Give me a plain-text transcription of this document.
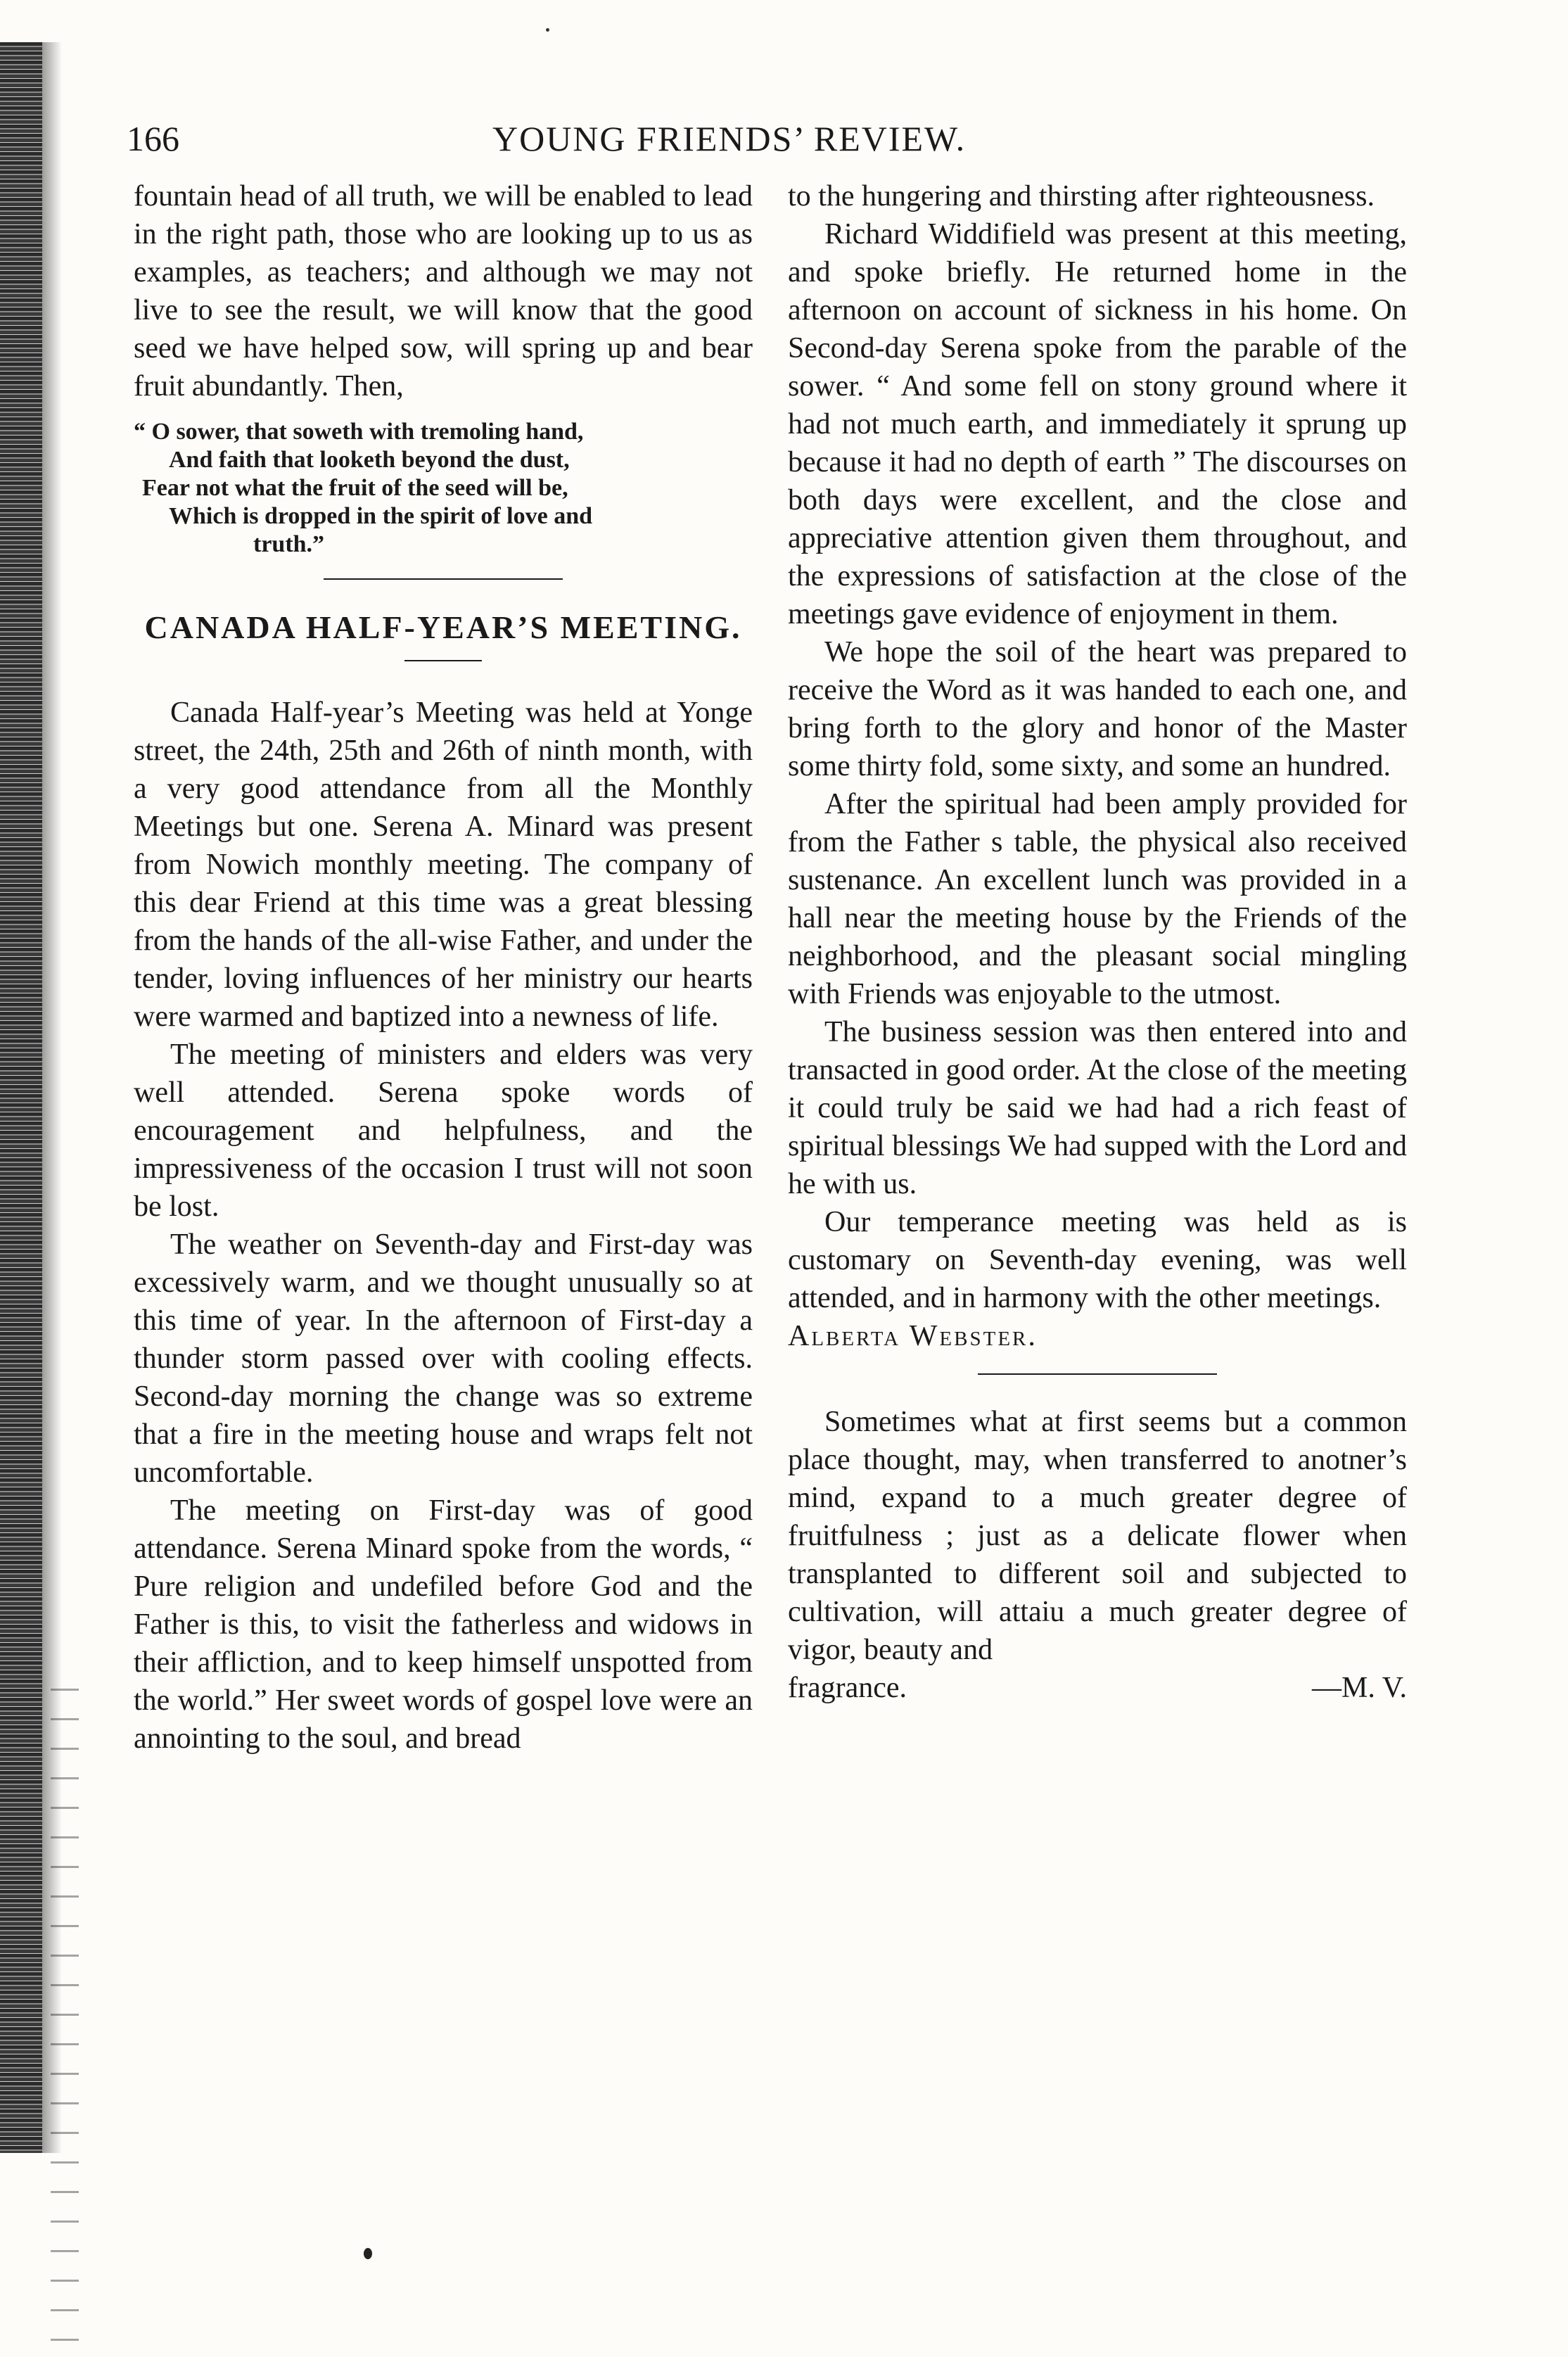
166	YOUNG FRIENDS’ REVIEW.

fountain head of all truth, we will be enabled to lead in the right path, those who are looking up to us as examples, as teachers; and although we may not live to see the result, we will know that the good seed we have helped sow, will spring up and bear fruit abundantly. Then,

“ O sower, that soweth with tremoling hand,
And faith that looketh beyond the dust,
Fear not what the fruit of the seed will be,
Which is dropped in the spirit of love and
truth.”
CANADA HALF-YEAR’S MEETING.

Canada Half-year’s Meeting was held at Yonge street, the 24th, 25th and 26th of ninth month, with a very good attendance from all the Monthly Meetings but one. Serena A. Minard was present from Nowich monthly meeting. The company of this dear Friend at this time was a great blessing from the hands of the all-wise Father, and under the tender, loving influences of her ministry our hearts were warmed and baptized into a newness of life.

The meeting of ministers and elders was very well attended. Serena spoke words of encouragement and helpfulness, and the impressiveness of the occasion I trust will not soon be lost.

The weather on Seventh-day and First-day was excessively warm, and we thought unusually so at this time of year. In the afternoon of First-day a thunder storm passed over with cooling effects. Second-day morning the change was so extreme that a fire in the meeting house and wraps felt not uncomfortable.

The meeting on First-day was of good attendance. Serena Minard spoke from the words, “ Pure religion and undefiled before God and the Father is this, to visit the fatherless and widows in their affliction, and to keep himself unspotted from the world.” Her sweet words of gospel love were an annointing to the soul, and bread

to the hungering and thirsting after righteousness.

Richard Widdifield was present at this meeting, and spoke briefly. He returned home in the afternoon on account of sickness in his home. On Second-day Serena spoke from the parable of the sower. “ And some fell on stony ground where it had not much earth, and immediately it sprung up because it had no depth of earth ” The discourses on both days were excellent, and the close and appreciative attention given them throughout, and the expressions of satisfaction at the close of the meetings gave evidence of enjoyment in them.

We hope the soil of the heart was prepared to receive the Word as it was handed to each one, and bring forth to the glory and honor of the Master some thirty fold, some sixty, and some an hundred.

After the spiritual had been amply provided for from the Father s table, the physical also received sustenance. An excellent lunch was provided in a hall near the meeting house by the Friends of the neighborhood, and the pleasant social mingling with Friends was enjoyable to the utmost.

The business session was then entered into and transacted in good order. At the close of the meeting it could truly be said we had had a rich feast of spiritual blessings We had supped with the Lord and he with us.

Our temperance meeting was held as is customary on Seventh-day evening, was well attended, and in harmony with the other meetings.

Alberta Webster.

Sometimes what at first seems but a common place thought, may, when transferred to anotner’s mind, expand to a much greater degree of fruitfulness ; just as a delicate flower when transplanted to different soil and subjected to cultivation, will attaiu a much greater degree of vigor, beauty and

fragrance.	—M. V.
